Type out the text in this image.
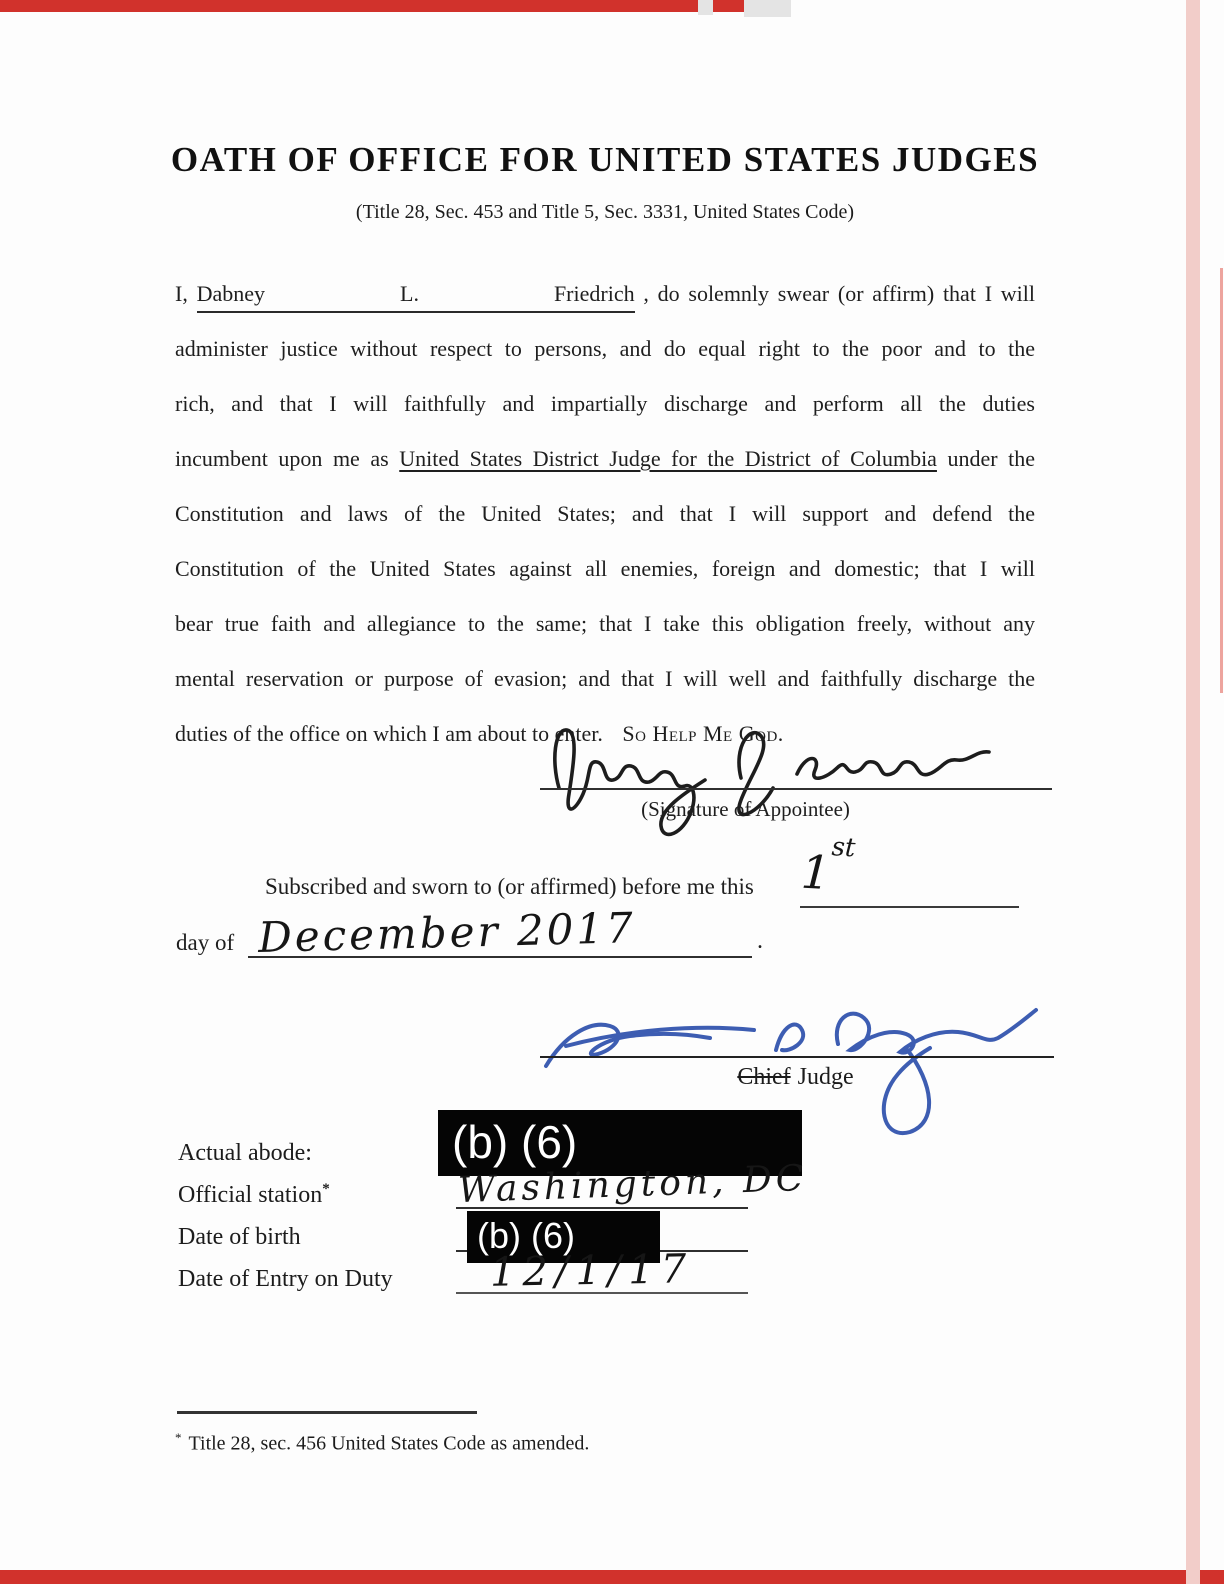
OATH OF OFFICE FOR UNITED STATES JUDGES
(Title 28, Sec. 453 and Title 5, Sec. 3331, United States Code)
I, Dabney L. Friedrich , do solemnly swear (or affirm) that I will
administer justice without respect to persons, and do equal right to the poor and to the
rich, and that I will faithfully and impartially discharge and perform all the duties
incumbent upon me as United States District Judge for the District of Columbia under the
Constitution and laws of the United States; and that I will support and defend the
Constitution of the United States against all enemies, foreign and domestic; that I will
bear true faith and allegiance to the same; that I take this obligation freely, without any
mental reservation or purpose of evasion; and that I will well and faithfully discharge the
duties of the office on which I am about to enter. So Help Me God.
(Signature of Appointee)
Subscribed and sworn to (or affirmed) before me this 1st
day of December 2017	.
Chief Judge
Actual abode:	(b) (6)
Official station*	Washington, DC
Date of birth	(b) (6)
Date of Entry on Duty 12/1/17
* Title 28, sec. 456 United States Code as amended.
